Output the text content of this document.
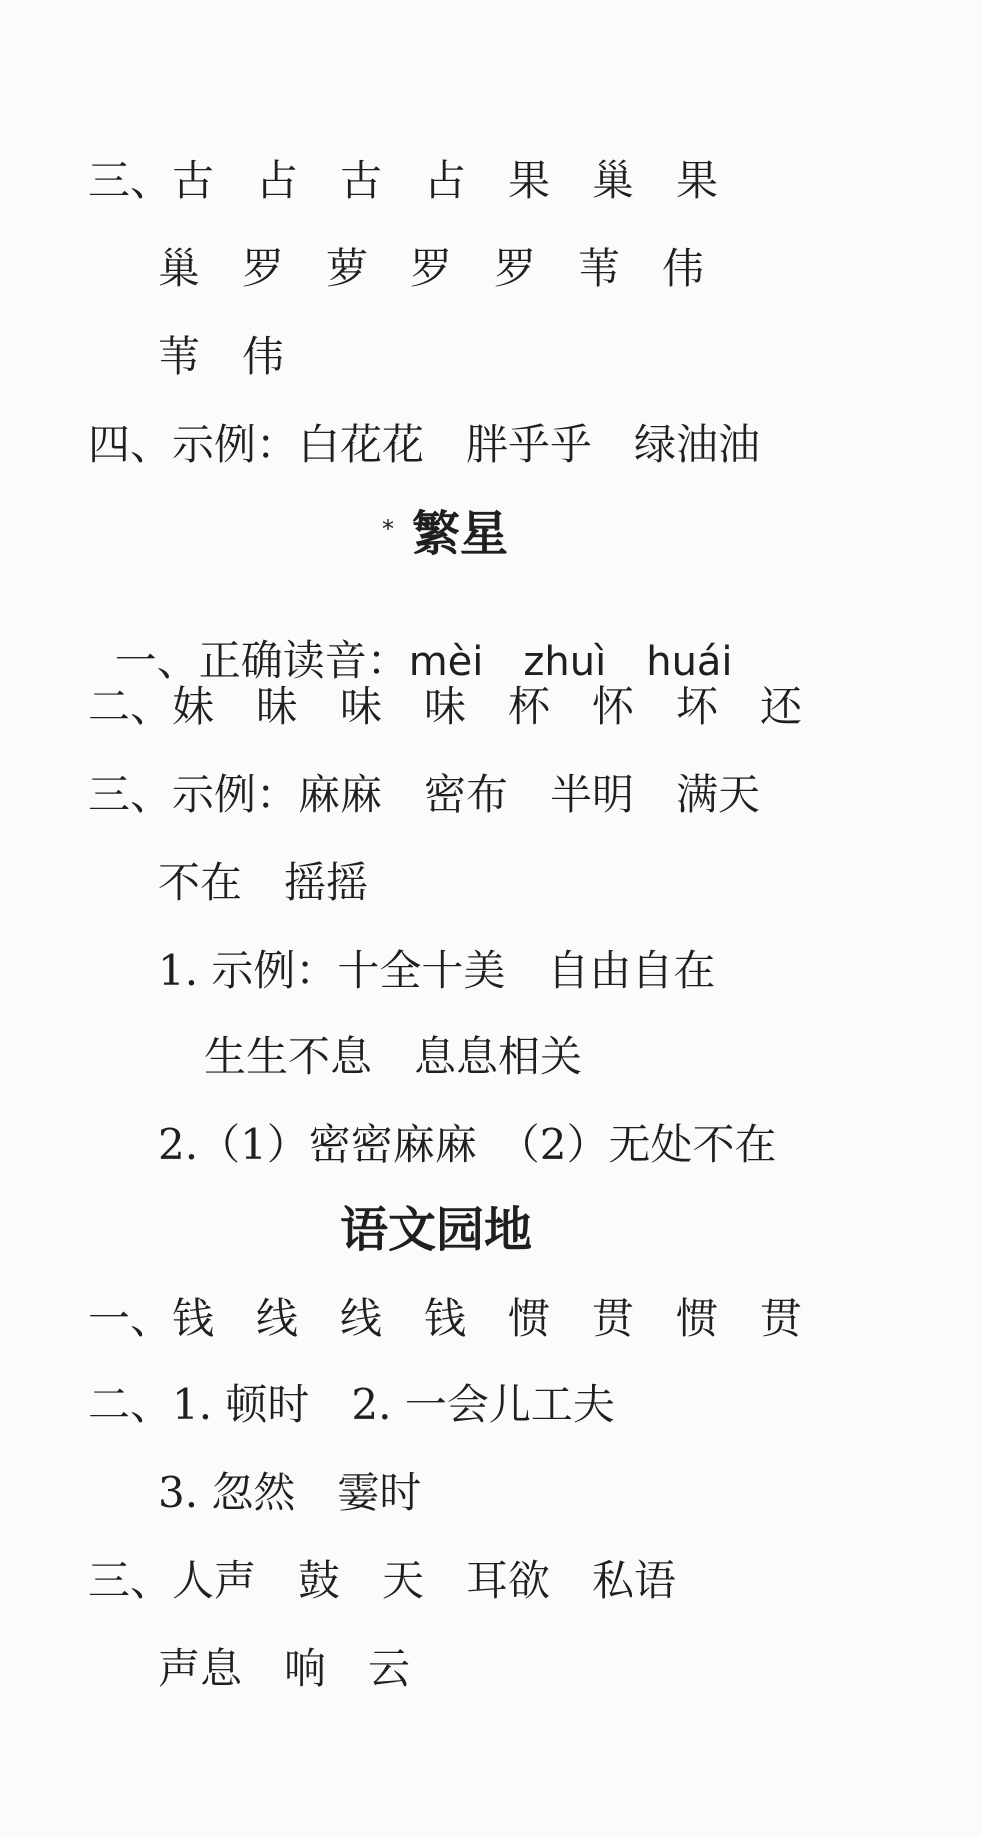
三、古　占　古　占　果　巢　果
巢　罗　萝　罗　罗　苇　伟
苇　伟
四、示例：白花花　胖乎乎　绿油油
* 繁星

一、正确读音：mèi　zhuì　huái

二、妹　昧　味　味　杯　怀　坏　还
三、示例：麻麻　密布　半明　满天
不在　摇摇
1. 示例：十全十美　自由自在
生生不息　息息相关
2.（1）密密麻麻　（2）无处不在
语文园地
一、钱　线　线　钱　惯　贯　惯　贯
二、1. 顿时　2. 一会儿工夫
3. 忽然　霎时
三、人声　鼓　天　耳欲　私语
声息　响　云
